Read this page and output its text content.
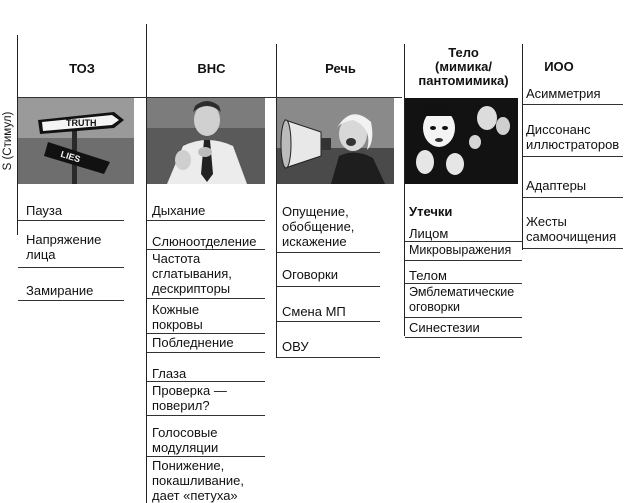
S (Стимул)
ТОЗ	ВНС	Речь
Тело
(мимика/
пантомимика)
ИОО
TRUTH
LIES
Пауза
Напряжение
лица
Замирание
Дыхание
Слюноотделение
Частота
сглатывания,
дескрипторы
Кожные
покровы
Побледнение
Глаза
Проверка —
поверил?
Голосовые
модуляции
Понижение,
покашливание,
дает «петуха»
Опущение,
обобщение,
искажение
Оговорки
Смена МП
ОВУ
Утечки
Лицом
Микровыражения
Телом
Эмблематические
оговорки
Синестезии
Асимметрия
Диссонанс
иллюстраторов
Адаптеры
Жесты
самоочищения
